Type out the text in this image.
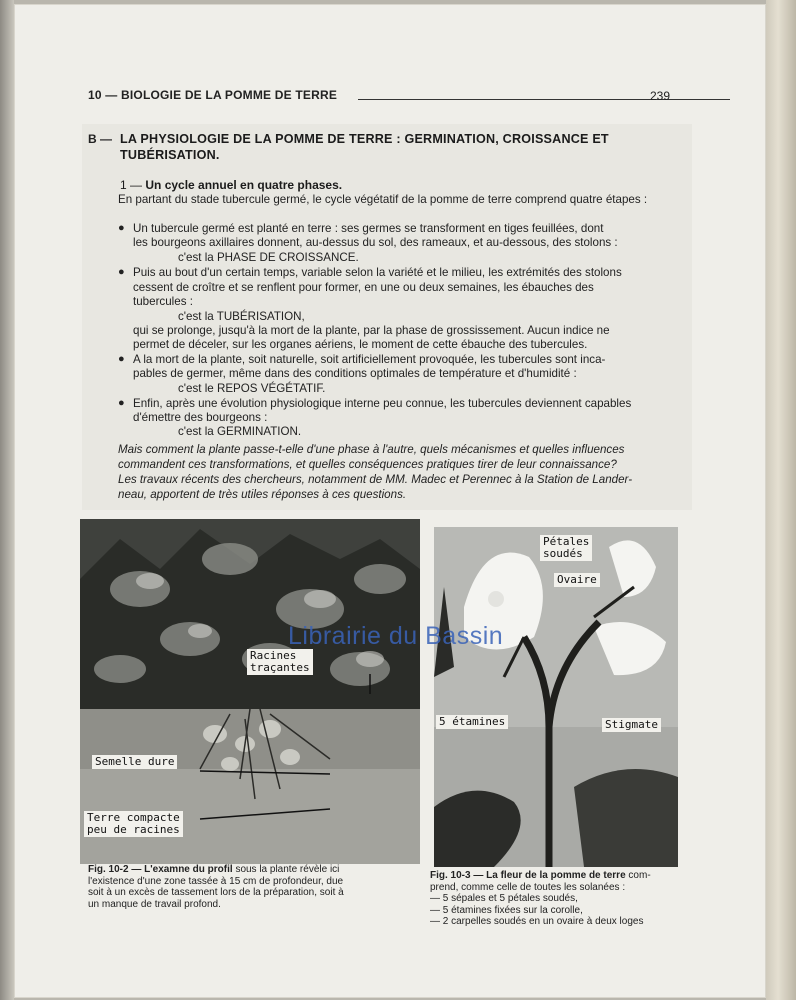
10 — BIOLOGIE DE LA POMME DE TERRE	239
B — LA PHYSIOLOGIE DE LA POMME DE TERRE : GERMINATION, CROISSANCE ET TUBÉRISATION.
1 — Un cycle annuel en quatre phases.
En partant du stade tubercule germé, le cycle végétatif de la pomme de terre comprend quatre étapes :
● Un tubercule germé est planté en terre : ses germes se transforment en tiges feuillées, dont
les bourgeons axillaires donnent, au-dessus du sol, des rameaux, et au-dessous, des stolons :
c'est la PHASE DE CROISSANCE.
● Puis au bout d'un certain temps, variable selon la variété et le milieu, les extrémités des stolons
cessent de croître et se renflent pour former, en une ou deux semaines, les ébauches des
tubercules :
c'est la TUBÉRISATION,
qui se prolonge, jusqu'à la mort de la plante, par la phase de grossissement. Aucun indice ne
permet de déceler, sur les organes aériens, le moment de cette ébauche des tubercules.
● A la mort de la plante, soit naturelle, soit artificiellement provoquée, les tubercules sont inca-
pables de germer, même dans des conditions optimales de température et d'humidité :
c'est le REPOS VÉGÉTATIF.
● Enfin, après une évolution physiologique interne peu connue, les tubercules deviennent capables
d'émettre des bourgeons :
c'est la GERMINATION.
Mais comment la plante passe-t-elle d'une phase à l'autre, quels mécanismes et quelles influences
commandent ces transformations, et quelles conséquences pratiques tirer de leur connaissance?
Les travaux récents des chercheurs, notamment de MM. Madec et Perennec à la Station de Lander-
neau, apportent de très utiles réponses à ces questions.
Racines
traçantes
Semelle dure
Terre compacte
peu de racines
Fig. 10-2 — L'examne du profil sous la plante révèle ici
l'existence d'une zone tassée à 15 cm de profondeur, due
soit à un excès de tassement lors de la préparation, soit à
un manque de travail profond.
Pétales
soudés
Ovaire
5 étamines	Stigmate
Fig. 10-3 — La fleur de la pomme de terre com-
prend, comme celle de toutes les solanées :
— 5 sépales et 5 pétales soudés,
— 5 étamines fixées sur la corolle,
— 2 carpelles soudés en un ovaire à deux loges
Librairie du Bassin
